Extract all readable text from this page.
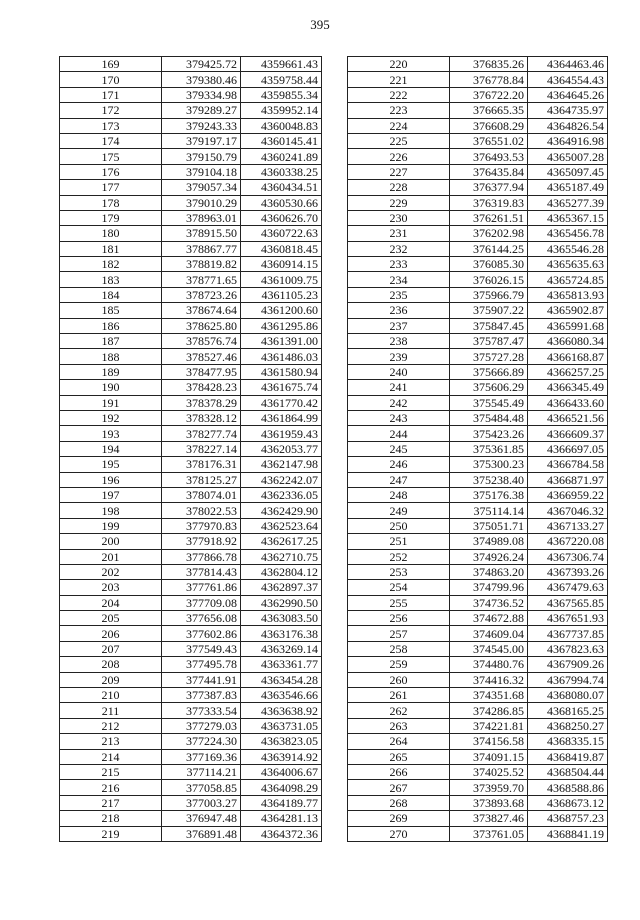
395
169	379425.72	4359661.43
170	379380.46	4359758.44
171	379334.98	4359855.34
172	379289.27	4359952.14
173	379243.33	4360048.83
174	379197.17	4360145.41
175	379150.79	4360241.89
176	379104.18	4360338.25
177	379057.34	4360434.51
178	379010.29	4360530.66
179	378963.01	4360626.70
180	378915.50	4360722.63
181	378867.77	4360818.45
182	378819.82	4360914.15
183	378771.65	4361009.75
184	378723.26	4361105.23
185	378674.64	4361200.60
186	378625.80	4361295.86
187	378576.74	4361391.00
188	378527.46	4361486.03
189	378477.95	4361580.94
190	378428.23	4361675.74
191	378378.29	4361770.42
192	378328.12	4361864.99
193	378277.74	4361959.43
194	378227.14	4362053.77
195	378176.31	4362147.98
196	378125.27	4362242.07
197	378074.01	4362336.05
198	378022.53	4362429.90
199	377970.83	4362523.64
200	377918.92	4362617.25
201	377866.78	4362710.75
202	377814.43	4362804.12
203	377761.86	4362897.37
204	377709.08	4362990.50
205	377656.08	4363083.50
206	377602.86	4363176.38
207	377549.43	4363269.14
208	377495.78	4363361.77
209	377441.91	4363454.28
210	377387.83	4363546.66
211	377333.54	4363638.92
212	377279.03	4363731.05
213	377224.30	4363823.05
214	377169.36	4363914.92
215	377114.21	4364006.67
216	377058.85	4364098.29
217	377003.27	4364189.77
218	376947.48	4364281.13
219	376891.48	4364372.36
220	376835.26	4364463.46
221	376778.84	4364554.43
222	376722.20	4364645.26
223	376665.35	4364735.97
224	376608.29	4364826.54
225	376551.02	4364916.98
226	376493.53	4365007.28
227	376435.84	4365097.45
228	376377.94	4365187.49
229	376319.83	4365277.39
230	376261.51	4365367.15
231	376202.98	4365456.78
232	376144.25	4365546.28
233	376085.30	4365635.63
234	376026.15	4365724.85
235	375966.79	4365813.93
236	375907.22	4365902.87
237	375847.45	4365991.68
238	375787.47	4366080.34
239	375727.28	4366168.87
240	375666.89	4366257.25
241	375606.29	4366345.49
242	375545.49	4366433.60
243	375484.48	4366521.56
244	375423.26	4366609.37
245	375361.85	4366697.05
246	375300.23	4366784.58
247	375238.40	4366871.97
248	375176.38	4366959.22
249	375114.14	4367046.32
250	375051.71	4367133.27
251	374989.08	4367220.08
252	374926.24	4367306.74
253	374863.20	4367393.26
254	374799.96	4367479.63
255	374736.52	4367565.85
256	374672.88	4367651.93
257	374609.04	4367737.85
258	374545.00	4367823.63
259	374480.76	4367909.26
260	374416.32	4367994.74
261	374351.68	4368080.07
262	374286.85	4368165.25
263	374221.81	4368250.27
264	374156.58	4368335.15
265	374091.15	4368419.87
266	374025.52	4368504.44
267	373959.70	4368588.86
268	373893.68	4368673.12
269	373827.46	4368757.23
270	373761.05	4368841.19
